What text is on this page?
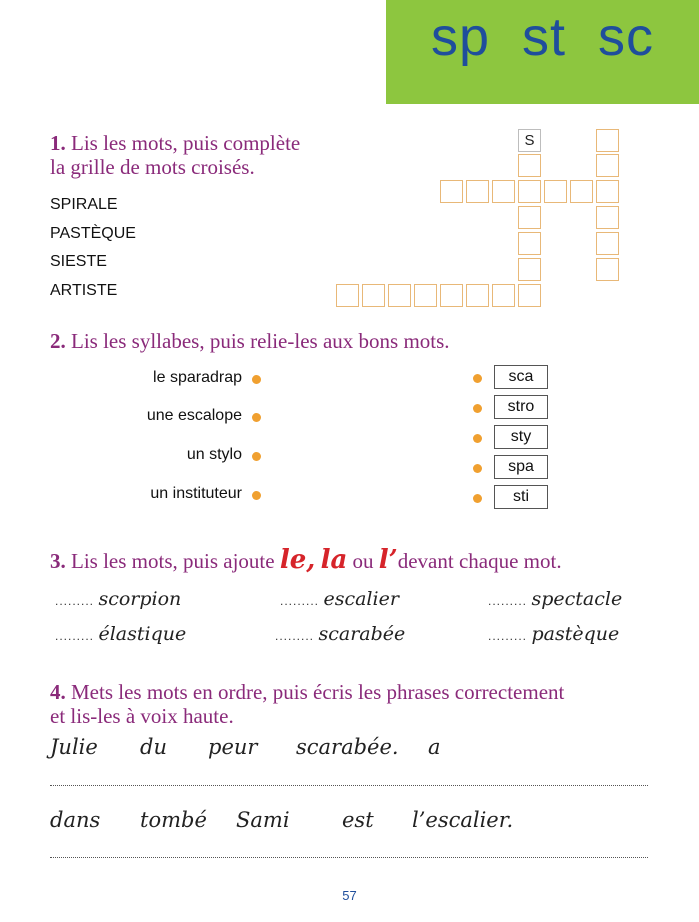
sp  st  sc
1. Lis les mots, puis complète
la grille de mots croisés.
SPIRALE
PASTÈQUE
SIESTE
ARTISTE
S
2. Lis les syllabes, puis relie-les aux bons mots.
le sparadrap
une escalope
un stylo
un instituteur
sca
stro
sty
spa
sti
3. Lis les mots, puis ajoute le, la ou l’devant chaque mot.
......... scorpion	......... escalier	......... spectacle
......... élastique	......... scarabée	......... pastèque
4. Mets les mots en ordre, puis écris les phrases correctement
et lis-les à voix haute.
Julie du peur scarabée. a
dans tombé Sami est l’escalier.
57
